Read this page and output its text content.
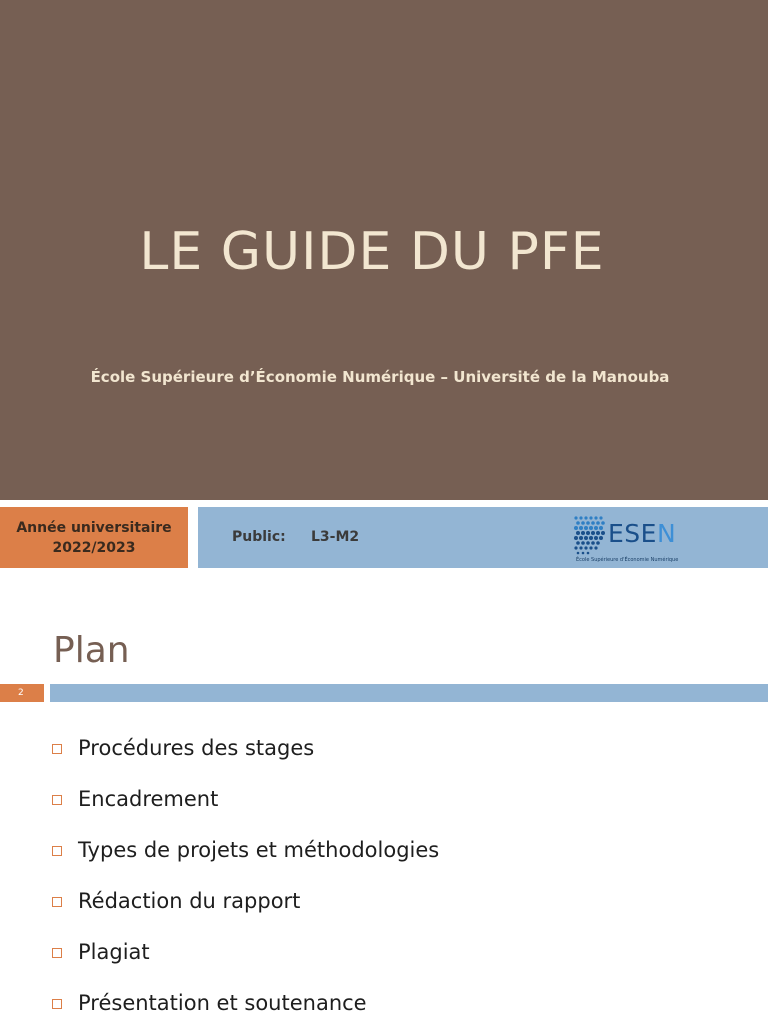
LE GUIDE DU PFE
École Supérieure d’Économie Numérique – Université de la Manouba
Année universitaire
2022/2023
Public: L3-M2	ESEN
École Supérieure d'Économie Numérique
Plan
2
Procédures des stages
Encadrement
Types de projets et méthodologies
Rédaction du rapport
Plagiat
Présentation et soutenance
